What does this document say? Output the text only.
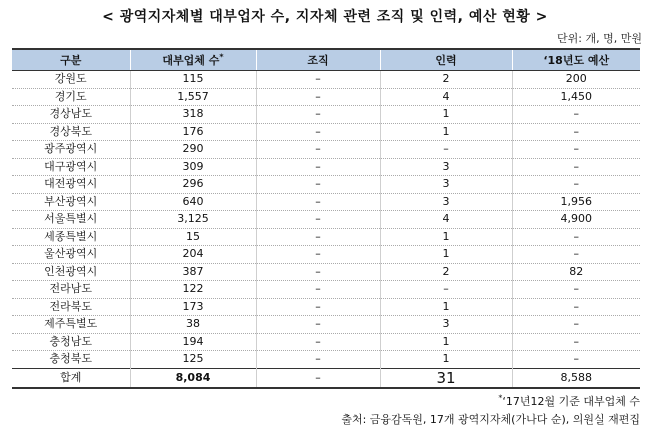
< 광역지자체별 대부업자 수, 지자체 관련 조직 및 인력, 예산 현황 >
단위: 개, 명, 만원
구분	대부업체 수*	조직	인력	‘18년도 예산
강원도	115	–	2	200
경기도	1,557	–	4	1,450
경상남도	318	–	1	–
경상북도	176	–	1	–
광주광역시	290	–	–	–
대구광역시	309	–	3	–
대전광역시	296	–	3	–
부산광역시	640	–	3	1,956
서울특별시	3,125	–	4	4,900
세종특별시	15	–	1	–
울산광역시	204	–	1	–
인천광역시	387	–	2	82
전라남도	122	–	–	–
전라북도	173	–	1	–
제주특별도	38	–	3	–
충청남도	194	–	1	–
충청북도	125	–	1	–
합계	8,084	–	31	8,588
*‘17년12월 기준 대부업체 수
출처: 금융감독원, 17개 광역지자체(가나다 순), 의원실 재편집
